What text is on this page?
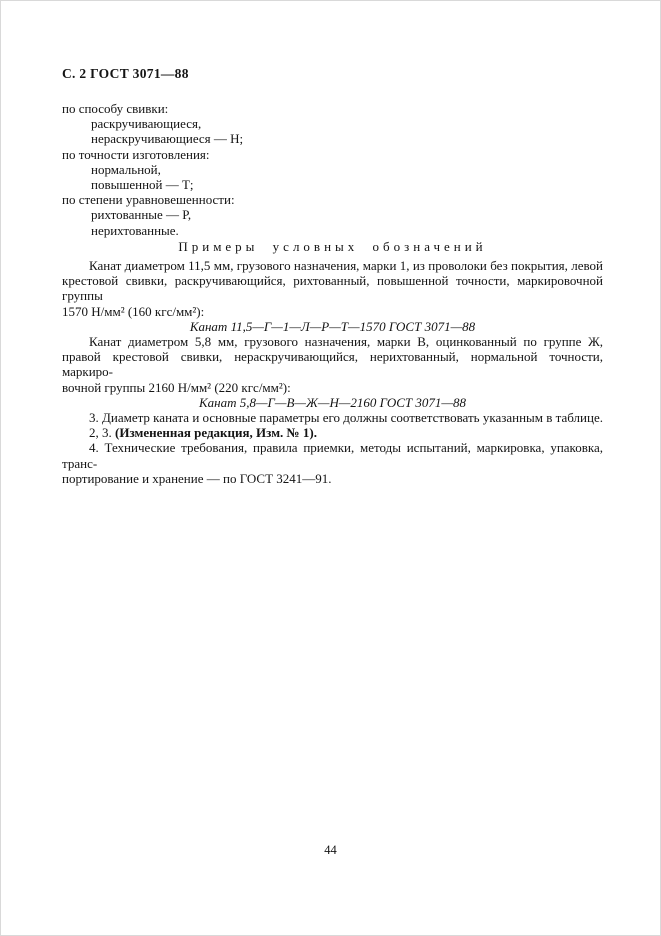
С. 2 ГОСТ 3071—88
по способу свивки:
раскручивающиеся,
нераскручивающиеся — Н;
по точности изготовления:
нормальной,
повышенной — Т;
по степени уравновешенности:
рихтованные — Р,
нерихтованные.
Примеры условных обозначений
Канат диаметром 11,5 мм, грузового назначения, марки 1, из проволоки без покрытия, левой
крестовой свивки, раскручивающийся, рихтованный, повышенной точности, маркировочной группы
1570 Н/мм² (160 кгс/мм²):
Канат 11,5—Г—1—Л—Р—Т—1570 ГОСТ 3071—88
Канат диаметром 5,8 мм, грузового назначения, марки В, оцинкованный по группе Ж,
правой крестовой свивки, нераскручивающийся, нерихтованный, нормальной точности, маркиро-
вочной группы 2160 Н/мм² (220 кгс/мм²):
Канат 5,8—Г—В—Ж—Н—2160 ГОСТ 3071—88
3. Диаметр каната и основные параметры его должны соответствовать указанным в таблице.
2, 3. (Измененная редакция, Изм. № 1).
4. Технические требования, правила приемки, методы испытаний, маркировка, упаковка, транс-
портирование и хранение — по ГОСТ 3241—91.
44
